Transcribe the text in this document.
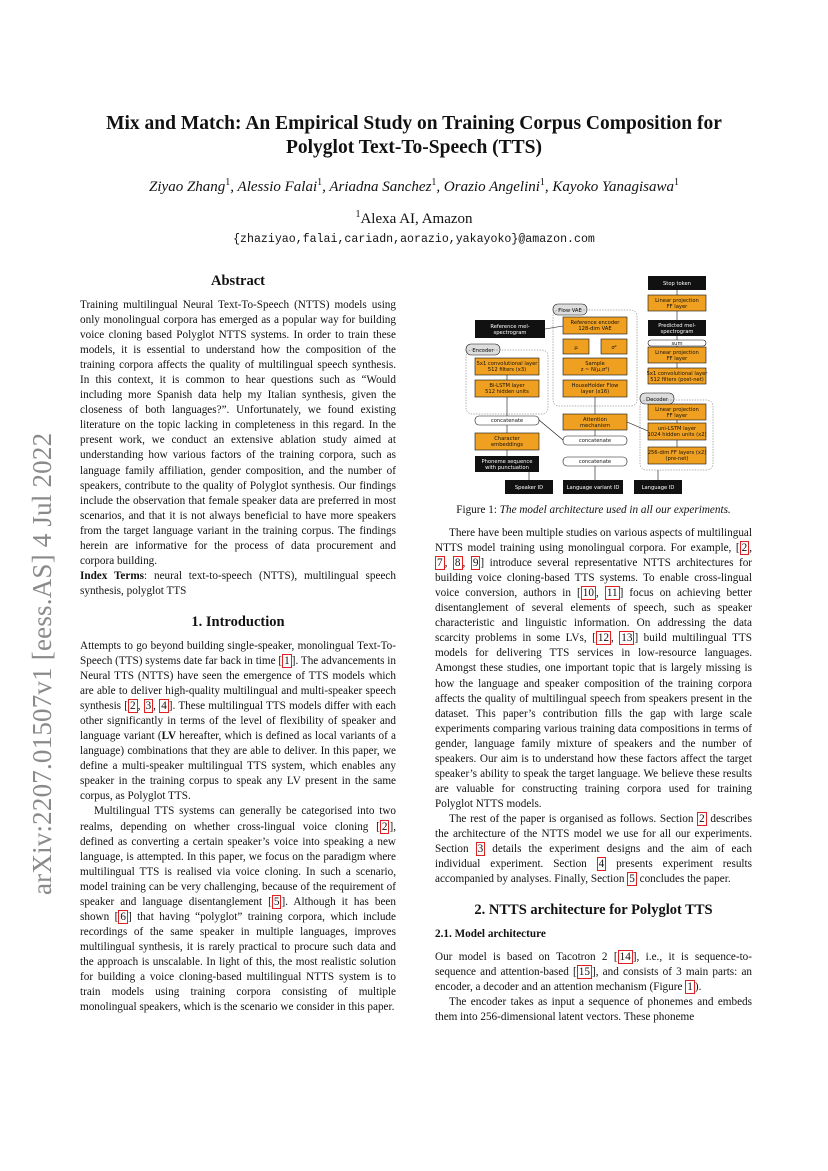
arXiv:2207.01507v1 [eess.AS] 4 Jul 2022
Mix and Match: An Empirical Study on Training Corpus Composition for
Polyglot Text-To-Speech (TTS)
Ziyao Zhang$^1$, Alessio Falai$^1$, Ariadna Sanchez$^1$, Orazio Angelini$^1$, Kayoko Yanagisawa$^1$
$^1$Alexa AI, Amazon
{zhaziyao,falai,cariadn,aorazio,yakayoko}@amazon.com
Abstract

Training multilingual Neural Text-To-Speech (NTTS) models using only monolingual corpora has emerged as a popular way for building voice cloning based Polyglot NTTS systems. In order to train these models, it is essential to understand how the composition of the training corpora affects the quality of multilingual speech synthesis. In this context, it is common to hear questions such as “Would including more Spanish data help my Italian synthesis, given the closeness of both languages?”. Unfortunately, we found existing literature on the topic lacking in completeness in this regard. In the present work, we conduct an extensive ablation study aimed at understanding how various factors of the training corpora, such as language family affiliation, gender composition, and the number of speakers, contribute to the quality of Polyglot synthesis. Our findings include the observation that female speaker data are preferred in most scenarios, and that it is not always beneficial to have more speakers from the target language variant in the training corpus. The findings herein are informative for the process of data procurement and corpora building.

Index Terms: neural text-to-speech (NTTS), multilingual speech synthesis, polyglot TTS

1. Introduction

Attempts to go beyond building single-speaker, monolingual Text-To-Speech (TTS) systems date far back in time [ 1 ]. The advancements in Neural TTS (NTTS) have seen the emergence of TTS models which are able to deliver high-quality multilingual and multi-speaker speech synthesis [ 2 , 3 , 4 ]. These multilingual TTS models differ with each other significantly in terms of the level of flexibility of speaker and language variant (LV hereafter, which is defined as local variants of a language) combinations that they are able to deliver. In this paper, we define a multi-speaker multilingual TTS system, which enables any speaker in the training corpus to speak any LV present in the same corpus, as Polyglot TTS.

Multilingual TTS systems can generally be categorised into two realms, depending on whether cross-lingual voice cloning [ 2 ], defined as converting a certain speaker’s voice into speaking a new language, is attempted. In this paper, we focus on the paradigm where multilingual TTS is realised via voice cloning. In such a scenario, model training can be very challenging, because of the requirement of speaker and language disentanglement [ 5 ]. Although it has been shown [ 6 ] that having “polyglot” training corpora, which include recordings of the same speaker in multiple languages, improves multilingual synthesis, it is rarely practical to procure such data and the approach is unscalable. In light of this, the most realistic solution for building a voice cloning-based multilingual NTTS system is to train models using training corpora consisting of multiple monolingual speakers, which is the scenario we consider in this paper.

Stop token
Reference mel-
spectrogram
Predicted mel-
spectrogram
Phoneme sequence
with punctuation
Speaker ID	Language variant ID	Language ID
Linear projection
FF layer
Flow VAE
Reference encoder
128-dim VAE
sum
Encoder	μ	σ²
Linear projection
FF layer
5x1 convolutional layer
512 filters (x3)
Sample
z ~ N(μ,σ²)
5x1 convolutional layer
512 filters (post-net)
Bi-LSTM layer
512 hidden units
HouseHolder Flow
layer (x16)
Decoder
Linear projection
FF layer
concatenate	Attention
mechanism	uni-LSTM layer
1024 hidden units (x2)
Character
embeddings
concatenate
256-dim FF layers (x2)
(pre-net)
concatenate
Figure 1: The model architecture used in all our experiments.

There have been multiple studies on various aspects of multilingual NTTS model training using monolingual corpora. For example, [ 2 , 7 , 8 , 9 ] introduce several representative NTTS architectures for building voice cloning-based TTS systems. To enable cross-lingual voice conversion, authors in [ 10 , 11 ] focus on achieving better disentanglement of several elements of speech, such as speaker characteristic and linguistic information. On addressing the data scarcity problems in some LVs, [ 12 , 13 ] build multilingual TTS models for delivering TTS services in low-resource languages. Amongst these studies, one important topic that is largely missing is how the language and speaker composition of the training corpora affects the quality of multilingual speech from speakers present in the dataset. This paper’s contribution fills the gap with large scale experiments comparing various training data compositions in terms of gender, language family mixture of speakers and the number of speakers. Our aim is to understand how these factors affect the target speaker’s ability to speak the target language. We believe these results are valuable for constructing training corpora used for training Polyglot NTTS models.

The rest of the paper is organised as follows. Section 2 describes the architecture of the NTTS model we use for all our experiments. Section 3 details the experiment designs and the aim of each individual experiment. Section 4 presents experiment results accompanied by analyses. Finally, Section 5 concludes the paper.

2. NTTS architecture for Polyglot TTS
2.1. Model architecture

Our model is based on Tacotron 2 [ 14 ], i.e., it is sequence-to-sequence and attention-based [ 15 ], and consists of 3 main parts: an encoder, a decoder and an attention mechanism (Figure 1 ).

The encoder takes as input a sequence of phonemes and embeds them into 256-dimensional latent vectors. These phoneme
